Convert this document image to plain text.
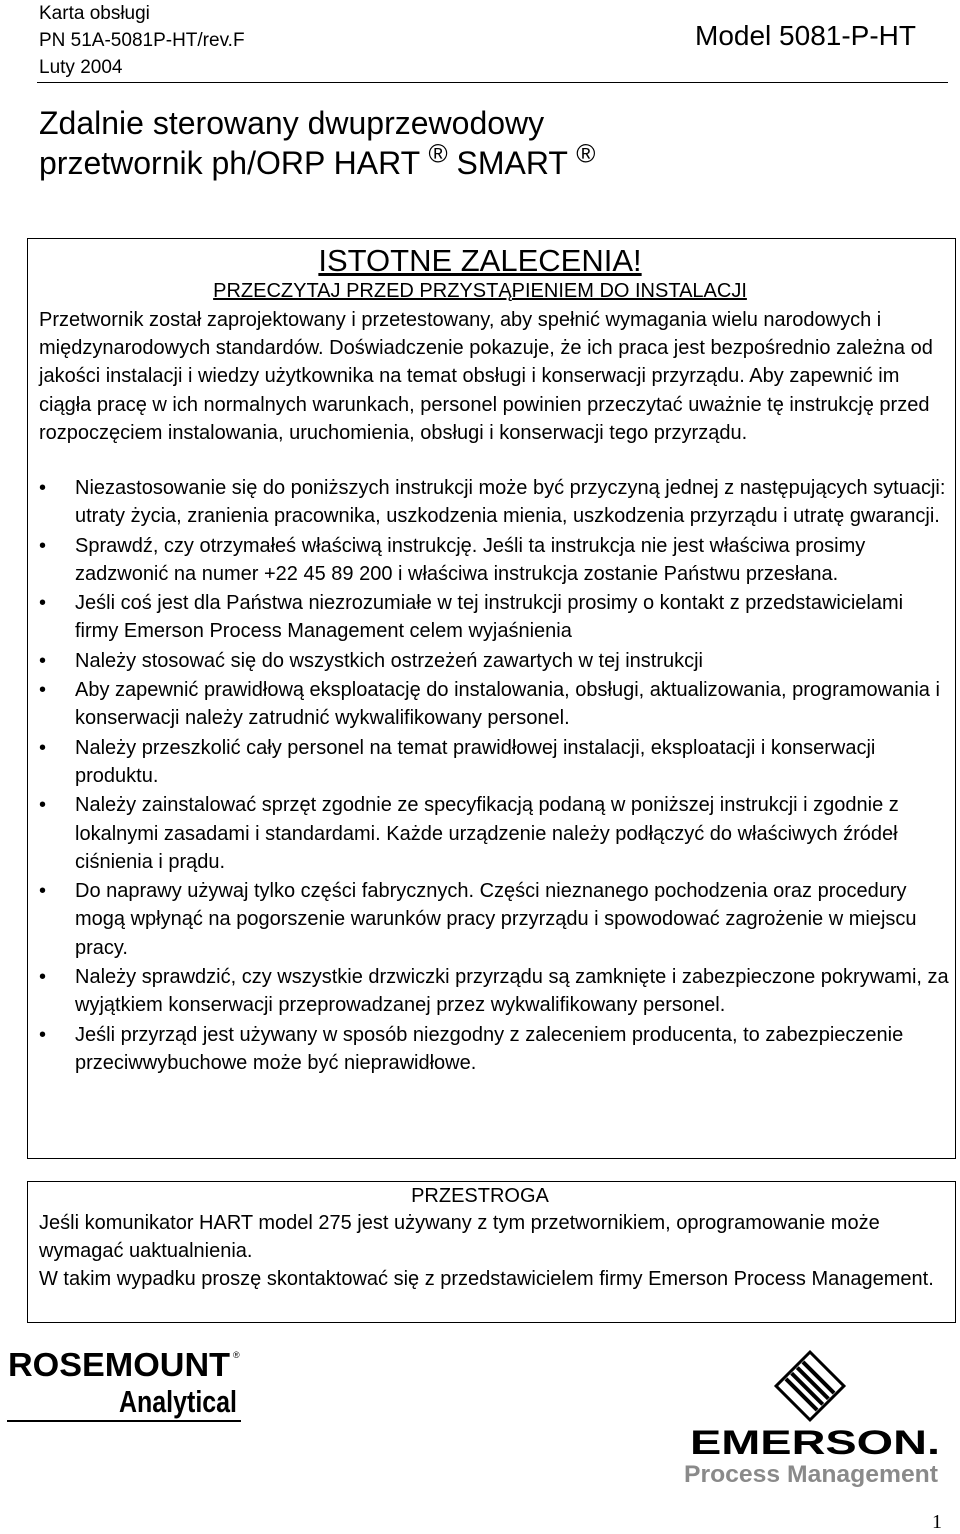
Karta obsługi
PN 51A-5081P-HT/rev.F
Luty 2004
Model 5081-P-HT
Zdalnie sterowany dwuprzewodowy
przetwornik ph/ORP HART ® SMART ®
ISTOTNE ZALECENIA!
PRZECZYTAJ PRZED PRZYSTĄPIENIEM DO INSTALACJI
Przetwornik został zaprojektowany i przetestowany, aby spełnić wymagania wielu narodowych i międzynarodowych standardów. Doświadczenie pokazuje, że ich praca jest bezpośrednio zależna od jakości instalacji i wiedzy użytkownika na temat obsługi i konserwacji przyrządu. Aby zapewnić im ciągła pracę w ich normalnych warunkach, personel powinien przeczytać uważnie tę instrukcję przed rozpoczęciem instalowania, uruchomienia, obsługi i konserwacji tego przyrządu.
•	Niezastosowanie się do poniższych instrukcji może być przyczyną jednej z następujących sytuacji: utraty życia, zranienia pracownika, uszkodzenia mienia, uszkodzenia przyrządu i utratę gwarancji.
•	Sprawdź, czy otrzymałeś właściwą instrukcję. Jeśli ta instrukcja nie jest właściwa prosimy zadzwonić na numer +22 45 89 200 i właściwa instrukcja zostanie Państwu przesłana.
•	Jeśli coś jest dla Państwa niezrozumiałe w tej instrukcji prosimy o kontakt z przedstawicielami firmy Emerson Process Management celem wyjaśnienia
•	Należy stosować się do wszystkich ostrzeżeń zawartych w tej instrukcji
•	Aby zapewnić prawidłową eksploatację do instalowania, obsługi, aktualizowania, programowania i konserwacji należy zatrudnić wykwalifikowany personel.
•	Należy przeszkolić cały personel na temat prawidłowej instalacji, eksploatacji i konserwacji produktu.
•	Należy zainstalować sprzęt zgodnie ze specyfikacją podaną w poniższej instrukcji i zgodnie z lokalnymi zasadami i standardami. Każde urządzenie należy podłączyć do właściwych źródeł ciśnienia i prądu.
•	Do naprawy używaj tylko części fabrycznych. Części nieznanego pochodzenia oraz procedury mogą wpłynąć na pogorszenie warunków pracy przyrządu i spowodować zagrożenie w miejscu pracy.
•	Należy sprawdzić, czy wszystkie drzwiczki przyrządu są zamknięte i zabezpieczone pokrywami, za wyjątkiem konserwacji przeprowadzanej przez wykwalifikowany personel.
•	Jeśli przyrząd jest używany w sposób niezgodny z zaleceniem producenta, to zabezpieczenie przeciwwybuchowe może być nieprawidłowe.
PRZESTROGA
Jeśli komunikator HART model 275 jest używany z tym przetwornikiem, oprogramowanie może wymagać uaktualnienia.
W takim wypadku proszę skontaktować się z przedstawicielem firmy Emerson Process Management.
ROSEMOUNT ®
Analytical
EMERSON.
Process Management
1
